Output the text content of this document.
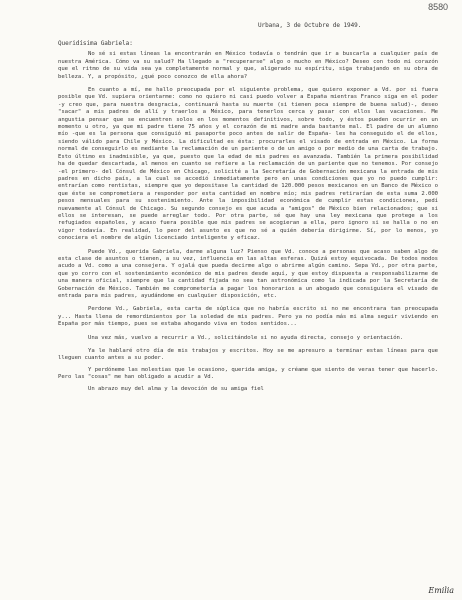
8580
Urbana, 3 de Octubre de 1949.
Queridísima Gabriela:

No sé si estas líneas la encontrarán en México todavía o tendrán que ir a buscarla a cualquier país de nuestra América. Cómo va su salud? Ha llegado a "recuperarse" algo o mucho en México? Deseo con todo mi corazón que el ritmo de su vida sea ya completamente normal y que, aligerado su espíritu, siga trabajando en su obra de belleza. Y, a propósito, ¿qué poco conozco de ella ahora?

En cuanto a mí, me hallo preocupada por el siguiente problema, que quiero exponer a Vd. por si fuera posible que Vd. supiera orientarme: como no quiero ni casi puedo volver a España mientras Franco siga en el poder -y creo que, para nuestra desgracia, continuará hasta su muerte (si tienen poca siempre de buena salud)-, deseo "sacar" a mis padres de allí y traerlos a México, para tenerlos cerca y pasar con ellos las vacaciones. Me angustia pensar que se encuentren solos en los momentos definitivos, sobre todo, y éstos pueden ocurrir en un momento u otro, ya que mi padre tiene 75 años y el corazón de mi madre anda bastante mal. El padre de un alumno mío -que es la persona que consiguió mi pasaporte poco antes de salir de España- les ha conseguido el de ellos, siendo válido para Chile y México. La dificultad es ésta: procurarles el visado de entrada en México. La forma normal de conseguirlo es mediante la reclamación de un pariente o de un amigo o por medio de una carta de trabajo. Esto último es inadmisible, ya que, puesto que la edad de mis padres es avanzada. También la primera posibilidad ha de quedar descartada, al menos en cuanto se refiere a la reclamación de un pariente que no tenemos. Por consejo -el primero- del Cónsul de México en Chicago, solicité a la Secretaría de Gobernación mexicana la entrada de mis padres en dicho país, a la cual se accedió inmediatamente pero en unas condiciones que yo no puedo cumplir: entrarían como rentistas, siempre que yo depositase la cantidad de 120.000 pesos mexicanos en un Banco de México o que éste se comprometiera a responder por esta cantidad en nombre mío; mis padres retirarían de esta suma 2.000 pesos mensuales para su sostenimiento. Ante la imposibilidad económica de cumplir estas condiciones, pedí nuevamente al Cónsul de Chicago. Su segundo consejo es que acuda a "amigos" de México bien relacionados; que si ellos se interesan, se puede arreglar todo. Por otra parte, sé que hay una ley mexicana que protege a los refugiados españoles, y acaso fuera posible que mis padres se acogieran a ella, pero ignoro si se halla o no en vigor todavía. En realidad, lo peor del asunto es que no sé a quién debería dirigirme. Sí, por lo menos, yo conociera el nombre de algún licenciado inteligente y eficaz.

Puede Vd., querida Gabriela, darme alguna luz? Pienso que Vd. conoce a personas que acaso saben algo de esta clase de asuntos o tienen, a su vez, influencia en las altas esferas. Quizá estoy equivocada. De todos modos acudo a Vd. como a una consejera. Y ojalá que pueda decirme algo o abrirme algún camino. Sepa Vd., por otra parte, que yo corro con el sostenimiento económico de mis padres desde aquí, y que estoy dispuesta a responsabilizarme de una manera oficial, siempre que la cantidad fijada no sea tan astronómica como la indicada por la Secretaría de Gobernación de México. También me comprometería a pagar los honorarios a un abogado que consiguiera el visado de entrada para mis padres, ayudándome en cualquier disposición, etc.

Perdone Vd., Gabriela, esta carta de súplica que no habría escrito si no me encontrara tan preocupada y... Hasta llena de remordimientos por la soledad de mis padres. Pero ya no podía más mi alma seguir viviendo en España por más tiempo, pues se estaba ahogando viva en todos sentidos...

Una vez más, vuelvo a recurrir a Vd., solicitándole si no ayuda directa, consejo y orientación.

Ya le hablaré otro día de mis trabajos y escritos. Hoy se me apresuro a terminar estas líneas para que lleguen cuanto antes a su poder.

Y perdóneme las molestias que le ocasiono, querida amiga, y créame que siento de veras tener que hacerlo. Pero las "cosas" me han obligado a acudir a Vd.

Un abrazo muy del alma y la devoción de su amiga fiel

Emilia
